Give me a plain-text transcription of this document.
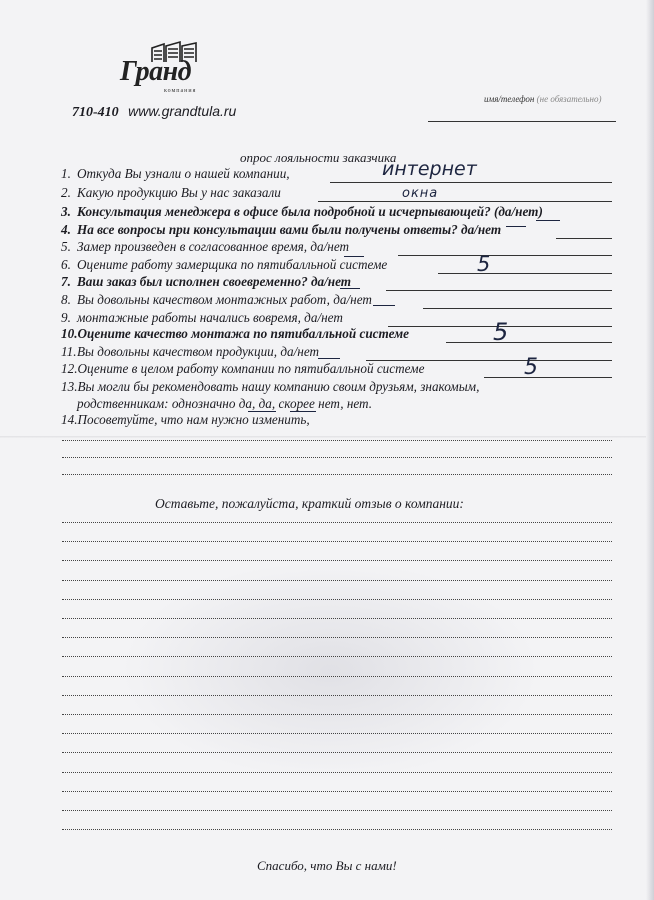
Гранд
компания
710-410 www.grandtula.ru
имя/телефон (не обязательно)
опрос лояльности заказчика
1. Откуда Вы узнали о нашей компании,
2. Какую продукцию Вы у нас заказали
3. Консультация менеджера в офисе была подробной и исчерпывающей? (да/нет)
4. На все вопросы при консультации вами были получены ответы? да/нет
5. Замер произведен в согласованное время, да/нет
6. Оцените работу замерщика по пятибалльной системе
7. Ваш заказ был исполнен своевременно? да/нет
8. Вы довольны качеством монтажных работ, да/нет
9. монтажные работы начались вовремя, да/нет
10.Оцените качество монтажа по пятибалльной системе
11.Вы довольны качеством продукции, да/нет
12.Оцените в целом работу компании по пятибалльной системе
13.Вы могли бы рекомендовать нашу компанию своим друзьям, знакомым,
родственникам: однозначно да, да, скорее нет, нет.
14.Посоветуйте, что нам нужно изменить,
интернет
окна
5
5
5
Оставьте, пожалуйста, краткий отзыв о компании:
Спасибо, что Вы с нами!
